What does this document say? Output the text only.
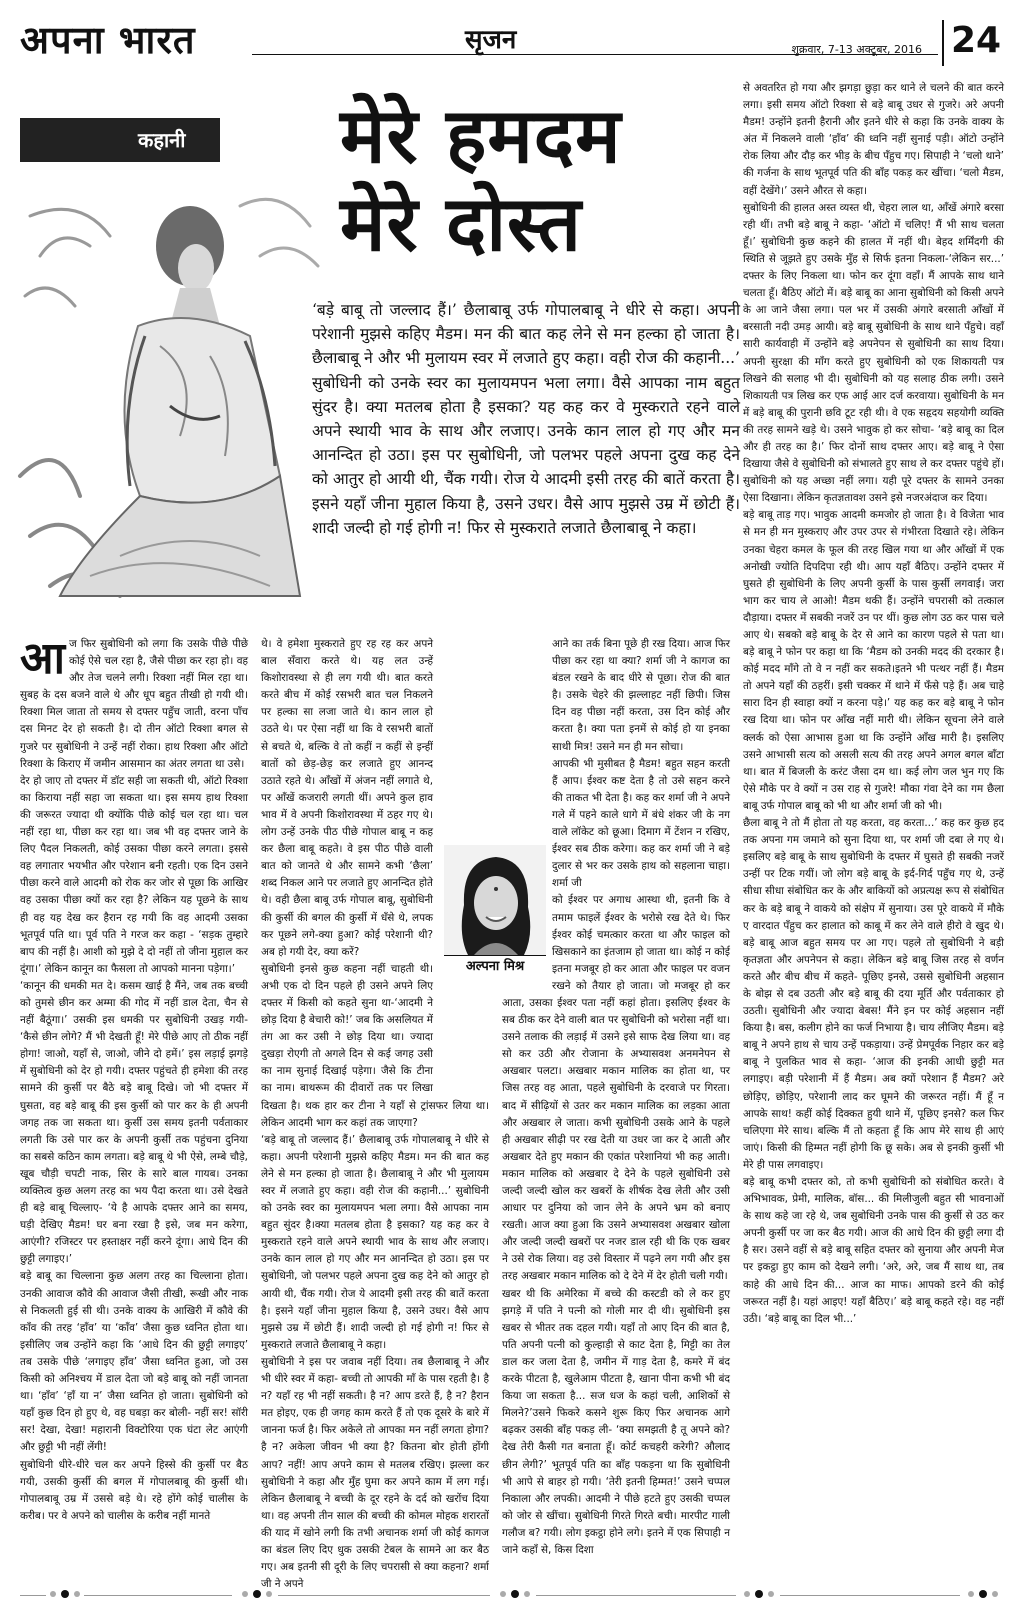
अपना भारत	सृजन	शुक्रवार, 7-13 अक्टूबर, 2016 24
कहानी	मेरे हमदम
मेरे दोस्त

‘बड़े बाबू तो जल्लाद हैं।’ छैलाबाबू उर्फ गोपालबाबू ने धीरे से कहा। अपनी परेशानी मुझसे कहिए मैडम। मन की बात कह लेने से मन हल्का हो जाता है। छैलाबाबू ने और भी मुलायम स्वर में लजाते हुए कहा। वही रोज की कहानी...’ सुबोधिनी को उनके स्वर का मुलायमपन भला लगा। वैसे आपका नाम बहुत सुंदर है। क्या मतलब होता है इसका? यह कह कर वे मुस्कराते रहने वाले अपने स्थायी भाव के साथ और लजाए। उनके कान लाल हो गए और मन आनन्दित हो उठा। इस पर सुबोधिनी, जो पलभर पहले अपना दुख कह देने को आतुर हो आयी थी, चैंक गयी। रोज ये आदमी इसी तरह की बातें करता है। इसने यहाँ जीना मुहाल किया है, उसने उधर। वैसे आप मुझसे उम्र में छोटी हैं। शादी जल्दी हो गई होगी न! फिर से मुस्कराते लजाते छैलाबाबू ने कहा।

आ ज फिर सुबोधिनी को लगा कि उसके पीछे पीछे कोई ऐसे चल रहा है, जैसे पीछा कर रहा हो। वह और तेज चलने लगी। रिक्शा नहीं मिल रहा था। सुबह के दस बजने वाले थे और धूप बहुत तीखी हो गयी थी। रिक्शा मिल जाता तो समय से दफ्तर पहुँच जाती, वरना पाँच दस मिनट देर हो सकती है। दो तीन ऑटो रिक्शा बगल से गुजरे पर सुबोधिनी ने उन्हें नहीं रोका। हाथ रिक्शा और ऑटो रिक्शा के किराए में जमीन आसमान का अंतर लगता था उसे।

देर हो जाए तो दफ्तर में डॉट सही जा सकती थी, ऑटो रिक्शा का किराया नहीं सहा जा सकता था। इस समय हाथ रिक्शा की जरूरत ज्यादा थी क्योंकि पीछे कोई चल रहा था। चल नहीं रहा था, पीछा कर रहा था। जब भी वह दफ्तर जाने के लिए पैदल निकलती, कोई उसका पीछा करने लगता। इससे वह लगातार भयभीत और परेशान बनी रहती। एक दिन उसने पीछा करने वाले आदमी को रोक कर जोर से पूछा कि आखिर वह उसका पीछा क्यों कर रहा है? लेकिन यह पूछने के साथ ही वह यह देख कर हैरान रह गयी कि वह आदमी उसका भूतपूर्व पति था। पूर्व पति ने गरज कर कहा - ‘सड़क तुम्हारे बाप की नहीं है। आशी को मुझे दे दो नहीं तो जीना मुहाल कर दूंगा।’ लेकिन कानून का फैसला तो आपको मानना पड़ेगा।’

‘कानून की धमकी मत दे। कसम खाई है मैंने, जब तक बच्ची को तुमसे छीन कर अम्मा की गोद में नहीं डाल देता, चैन से नहीं बैठूंगा।’ उसकी इस धमकी पर सुबोधिनी उखड़ गयी- ‘कैसे छीन लोगे? मैं भी देखती हूँ! मेरे पीछे आए तो ठीक नहीं होगा! जाओ, यहाँ से, जाओ, जीने दो हमें।’ इस लड़ाई झगड़े में सुबोधिनी को देर हो गयी। दफ्तर पहुंचते ही हमेशा की तरह सामने की कुर्सी पर बैठे बड़े बाबू दिखे। जो भी दफ्तर में घुसता, वह बड़े बाबू की इस कुर्सी को पार कर के ही अपनी जगह तक जा सकता था। कुर्सी उस समय इतनी पर्वताकार लगती कि उसे पार कर के अपनी कुर्सी तक पहुंचना दुनिया का सबसे कठिन काम लगता। बड़े बाबू थे भी ऐसे, लम्बे चौड़े, खूब चौड़ी चपटी नाक, सिर के सारे बाल गायब। उनका व्यक्तित्व कुछ अलग तरह का भय पैदा करता था। उसे देखते ही बड़े बाबू चिल्लाए- ‘ये है आपके दफ्तर आने का समय, घड़ी देखिए मैडम! घर बना रखा है इसे, जब मन करेगा, आएंगी? रजिस्टर पर हस्ताक्षर नहीं करने दूंगा। आधे दिन की छुट्टी लगाइए।’

बड़े बाबू का चिल्लाना कुछ अलग तरह का चिल्लाना होता। उनकी आवाज कौवे की आवाज जैसी तीखी, रूखी और नाक से निकलती हुई सी थी। उनके वाक्य के आखिरी में कौवे की काँव की तरह ‘हाँव’ या ‘काँव’ जैसा कुछ ध्वनित होता था। इसीलिए जब उन्होंने कहा कि ‘आधे दिन की छुट्टी लगाइए’ तब उसके पीछे ‘लगाइए हाँव’ जैसा ध्वनित हुआ, जो उस किसी को अनिश्चय में डाल देता जो बड़े बाबू को नहीं जानता था। ‘हाँव’ ‘हाँ या न’ जैसा ध्वनित हो जाता। सुबोधिनी को यहाँ कुछ दिन हो हुए थे, वह घबड़ा कर बोली- नहीं सर! सॉरी सर! देखा, देखा! महारानी विक्टोरिया एक घंटा लेट आएंगी और छुट्टी भी नहीं लेंगी!

सुबोधिनी धीरे-धीरे चल कर अपने हिस्से की कुर्सी पर बैठ गयी, उसकी कुर्सी की बगल में गोपालबाबू की कुर्सी थी। गोपालबाबू उम्र में उससे बड़े थे। रहे होंगे कोई चालीस के करीब। पर वे अपने को चालीस के करीब नहीं मानते

थे। वे हमेशा मुस्कराते हुए रह रह कर अपने बाल सँवारा करते थे। यह लत उन्हें किशोरावस्था से ही लग गयी थी। बात करते करते बीच में कोई रसभरी बात चल निकलने पर हल्का सा लजा जाते थे। कान लाल हो उठते थे। पर ऐसा नहीं था कि वे रसभरी बातों से बचते थे, बल्कि वे तो कहीं न कहीं से इन्हीं बातों को छेड़-छेड़ कर लजाते हुए आनन्द उठाते रहते थे। आँखों में अंजन नहीं लगाते थे, पर आँखें कजरारी लगती थीं। अपने कुल हाव भाव में वे अपनी किशोरावस्था में ठहर गए थे। लोग उन्हें उनके पीठ पीछे गोपाल बाबू न कह कर छैला बाबू कहते। वे इस पीठ पीछे वाली बात को जानते थे और सामने कभी ‘छैला’ शब्द निकल आने पर लजाते हुए आनन्दित होते थे। वही छैला बाबू उर्फ गोपाल बाबू, सुबोधिनी की कुर्सी की बगल की कुर्सी में धँसे थे, लपक कर पूछने लगे-क्या हुआ? कोई परेशानी थी? अब हो गयी देर, क्या करें?

सुबोधिनी इनसे कुछ कहना नहीं चाहती थी। अभी एक दो दिन पहले ही उसने अपने लिए दफ्तर में किसी को कहते सुना था-‘आदमी ने छोड़ दिया है बेचारी को!’ जब कि असलियत में तंग आ कर उसी ने छोड़ दिया था। ज्यादा दुखड़ा रोएगी तो अगले दिन से कई जगह उसी का नाम सुनाई दिखाई पड़ेगा। जैसे कि टीना का नाम। बाथरूम की दीवारों तक पर लिखा दिखता है। थक हार कर टीना ने यहाँ से ट्रांसफर लिया था। लेकिन आदमी भाग कर कहां तक जाएगा?

‘बड़े बाबू तो जल्लाद हैं।’ छैलाबाबू उर्फ गोपालबाबू ने धीरे से कहा। अपनी परेशानी मुझसे कहिए मैडम। मन की बात कह लेने से मन हल्का हो जाता है। छैलाबाबू ने और भी मुलायम स्वर में लजाते हुए कहा। वही रोज की कहानी...’ सुबोधिनी को उनके स्वर का मुलायमपन भला लगा। वैसे आपका नाम बहुत सुंदर है।क्या मतलब होता है इसका? यह कह कर वे मुस्कराते रहने वाले अपने स्थायी भाव के साथ और लजाए। उनके कान लाल हो गए और मन आनन्दित हो उठा। इस पर सुबोधिनी, जो पलभर पहले अपना दुख कह देने को आतुर हो आयी थी, चैंक गयी। रोज ये आदमी इसी तरह की बातें करता है। इसने यहाँ जीना मुहाल किया है, उसने उधर। वैसे आप मुझसे उम्र में छोटी हैं। शादी जल्दी हो गई होगी न! फिर से मुस्कराते लजाते छैलाबाबू ने कहा।

सुबोधिनी ने इस पर जवाब नहीं दिया। तब छैलाबाबू ने और भी धीरे स्वर में कहा- बच्ची तो आपकी माँ के पास रहती है। है न? यहाँ रह भी नहीं सकती। है न? आप डरते हैं, है न? हैरान मत होइए, एक ही जगह काम करते हैं तो एक दूसरे के बारे में जानना फर्ज है। फिर अकेले तो आपका मन नहीं लगता होगा? है न? अकेला जीवन भी क्या है? कितना बोर होती होंगी आप? नहीं! आप अपने काम से मतलब रखिए। झल्ला कर सुबोधिनी ने कहा और मुँह घुमा कर अपने काम में लग गई। लेकिन छैलाबाबू ने बच्ची के दूर रहने के दर्द को खरोंच दिया था। वह अपनी तीन साल की बच्ची की कोमल मोहक शरारतों की याद में खोने लगी कि तभी अचानक शर्मा जी कोई कागज का बंडल लिए दिए धुक उसकी टेबल के सामने आ कर बैठ गए। अब इतनी सी दूरी के लिए चपरासी से क्या कहना? शर्मा जी ने अपने

आने का तर्क बिना पूछे ही रख दिया। आज फिर पीछा कर रहा था क्या? शर्मा जी ने कागज का बंडल रखने के बाद धीरे से पूछा। रोज की बात है। उसके चेहरे की झल्लाहट नहीं छिपी। जिस दिन वह पीछा नहीं करता, उस दिन कोई और करता है। क्या पता इनमें से कोई हो या इनका साथी मित्र! उसने मन ही मन सोचा।

आपकी भी मुसीबत है मैडम! बहुत सहन करती हैं आप। ईश्वर कष्ट देता है तो उसे सहन करने की ताकत भी देता है। कह कर शर्मा जी ने अपने गले में पहने काले धागे में बंधे शंकर जी के नग वाले लॉकेट को छूआ। दिमाग में टेंशन न रखिए, ईश्वर सब ठीक करेगा। कह कर शर्मा जी ने बड़े दुलार से भर कर उसके हाथ को सहलाना चाहा। शर्मा जी

को ईश्वर पर अगाध आस्था थी, इतनी कि वे तमाम फाइलें ईश्वर के भरोसे रख देते थे। फिर ईश्वर कोई चमत्कार करता था और फाइल को खिसकाने का इंतजाम हो जाता था। कोई न कोई इतना मजबूर हो कर आता और फाइल पर वजन रखने को तैयार हो जाता। जो मजबूर हो कर आता, उसका ईश्वर पता नहीं कहां होता। इसलिए ईश्वर के सब ठीक कर देने वाली बात पर सुबोधिनी को भरोसा नहीं था। उसने तलाक की लड़ाई में उसने इसे साफ देख लिया था। वह सो कर उठी और रोजाना के अभ्यासवश अनमनेपन से अखबार पलटा। अखबार मकान मालिक का होता था, पर जिस तरह वह आता, पहले सुबोधिनी के दरवाजे पर गिरता। बाद में सीढ़ियों से उतर कर मकान मालिक का लड़का आता और अखबार ले जाता। कभी सुबोधिनी उसके आने के पहले ही अखबार सीढ़ी पर रख देती या उधर जा कर दे आती और अखबार देते हुए मकान की एकांत परेशानियां भी कह आती। मकान मालिक को अखबार दे देने के पहले सुबोधिनी उसे जल्दी जल्दी खोल कर खबरों के शीर्षक देख लेती और उसी आधार पर दुनिया को जान लेने के अपने भ्रम को बनाए रखती। आज क्या हुआ कि उसने अभ्यासवश अखबार खोला और जल्दी जल्दी खबरों पर नजर डाल रही थी कि एक खबर ने उसे रोक लिया। वह उसे विस्तार में पढ़ने लग गयी और इस तरह अखबार मकान मालिक को दे देने में देर होती चली गयी।

खबर थी कि अमेरिका में बच्चे की कस्टडी को ले कर हुए झगड़े में पति ने पत्नी को गोली मार दी थी। सुबोधिनी इस खबर से भीतर तक दहल गयी। यहाँ तो आए दिन की बात है, पति अपनी पत्नी को कुल्हाड़ी से काट देता है, मिट्टी का तेल डाल कर जला देता है, जमीन में गाड़ देता है, कमरे में बंद करके पीटता है, खुलेआम पीटता है, खाना पीना कभी भी बंद किया जा सकता है... सज धज के कहां चली, आशिकों से मिलने?’उसने फिकरे कसने शुरू किए फिर अचानक आगे बढ़कर उसकी बाँह पकड़ ली- ‘क्या समझती है तू अपने को? देख तेरी कैसी गत बनाता हूँ। कोर्ट कचहरी करेगी? औलाद छीन लेगी?’ भूतपूर्व पति का बाँह पकड़ना था कि सुबोधिनी भी आपे से बाहर हो गयी। ‘तेरी इतनी हिम्मत!’ उसने चप्पल निकाला और लपकी। आदमी ने पीछे हटते हुए उसकी चप्पल को जोर से खींचा। सुबोधिनी गिरते गिरते बची। मारपीट गाली गलौज ब? गयी। लोग इकट्ठा होने लगे। इतने में एक सिपाही न जाने कहाँ से, किस दिशा

से अवतरित हो गया और झगड़ा छुड़ा कर थाने ले चलने की बात करने लगा। इसी समय ऑटो रिक्शा से बड़े बाबू उधर से गुजरे। अरे अपनी मैडम! उन्होंने इतनी हैरानी और इतने धीरे से कहा कि उनके वाक्य के अंत में निकलने वाली ‘हाँव’ की ध्वनि नहीं सुनाई पड़ी। ऑटो उन्होंने रोक लिया और दौड़ कर भीड़ के बीच पँहुच गए। सिपाही ने ‘चलो थाने’ की गर्जना के साथ भूतपूर्व पति की बाँह पकड़ कर खींचा। ‘चलो मैडम, वहीं देखेंगे।’ उसने औरत से कहा।

सुबोधिनी की हालत अस्त व्यस्त थी, चेहरा लाल था, आँखें अंगारे बरसा रही थीं। तभी बड़े बाबू ने कहा- ‘ऑटो में चलिए! मैं भी साथ चलता हूँ।’ सुबोधिनी कुछ कहने की हालत में नहीं थी। बेहद शर्मिंदगी की स्थिति से जूझते हुए उसके मुँह से सिर्फ इतना निकला-‘लेकिन सर...’ दफ्तर के लिए निकला था। फोन कर दूंगा वहाँ। मैं आपके साथ थाने चलता हूँ। बैठिए ऑटो में। बड़े बाबू का आना सुबोधिनी को किसी अपने के आ जाने जैसा लगा। पल भर में उसकी अंगारे बरसाती आँखों में बरसाती नदी उमड़ आयी। बड़े बाबू सुबोधिनी के साथ थाने पँहुचे। वहाँ सारी कार्यवाही में उन्होंने बड़े अपनेपन से सुबोधिनी का साथ दिया। अपनी सुरक्षा की माँग करते हुए सुबोधिनी को एक शिकायती पत्र लिखने की सलाह भी दी। सुबोधिनी को यह सलाह ठीक लगी। उसने शिकायती पत्र लिख कर एफ आई आर दर्ज करवाया। सुबोधिनी के मन में बड़े बाबू की पुरानी छवि टूट रही थी। वे एक सहृदय सहयोगी व्यक्ति की तरह सामने खड़े थे। उसने भावुक हो कर सोचा- ‘बड़े बाबू का दिल और ही तरह का है।’ फिर दोनों साथ दफ्तर आए। बड़े बाबू ने ऐसा दिखाया जैसे वे सुबोधिनी को संभालते हुए साथ ले कर दफ्तर पहुंचे हों। सुबोधिनी को यह अच्छा नहीं लगा। यही पूरे दफ्तर के सामने उनका ऐसा दिखाना। लेकिन कृतज्ञतावश उसने इसे नजरअंदाज कर दिया।

बड़े बाबू ताड़ गए। भावुक आदमी कमजोर हो जाता है। वे विजेता भाव से मन ही मन मुस्कराए और उपर उपर से गंभीरता दिखाते रहे। लेकिन उनका चेहरा कमल के फूल की तरह खिल गया था और आँखों में एक अनोखी ज्योति दिपदिपा रही थी। आप यहाँ बैठिए। उन्होंने दफ्तर में घुसते ही सुबोधिनी के लिए अपनी कुर्सी के पास कुर्सी लगवाई। जरा भाग कर चाय ले आओ! मैडम थकी हैं। उन्होंने चपरासी को तत्काल दौड़ाया। दफ्तर में सबकी नजरें उन पर थीं। कुछ लोग उठ कर पास चले आए थे। सबको बड़े बाबू के देर से आने का कारण पहले से पता था। बड़े बाबू ने फोन पर कहा था कि ‘मैडम को उनकी मदद की दरकार है। कोई मदद माँगे तो वे न नहीं कर सकते।इतने भी पत्थर नहीं हैं। मैडम तो अपने यहाँ की ठहरीं। इसी चक्कर में थाने में फँसे पड़े हैं। अब चाहे सारा दिन ही स्वाहा क्यों न करना पड़े।’ यह कह कर बड़े बाबू ने फोन रख दिया था। फोन पर आँख नहीं मारी थी। लेकिन सूचना लेने वाले क्लर्क को ऐसा आभास हुआ था कि उन्होंने आँख मारी है। इसलिए उसने आभासी सत्य को असली सत्य की तरह अपने अगल बगल बाँटा था। बात में बिजली के करंट जैसा दम था। कई लोग जल भुन गए कि ऐसे मौके पर वे क्यों न उस राह से गुजरे! मौका गंवा देने का गम छैला बाबू उर्फ गोपाल बाबू को भी था और शर्मा जी को भी।

छैला बाबू ने तो मैं होता तो यह करता, वह करता...’ कह कर कुछ हद तक अपना गम जमाने को सुना दिया था, पर शर्मा जी दबा ले गए थे। इसलिए बड़े बाबू के साथ सुबोधिनी के दफ्तर में घुसते ही सबकी नजरें उन्हीं पर टिक गयीं। जो लोग बड़े बाबू के इर्द-गिर्द पहुँच गए थे, उन्हें सीधा सीधा संबोधित कर के और बाकियों को अप्रत्यक्ष रूप से संबोधित कर के बड़े बाबू ने वाकये को संक्षेप में सुनाया। उस पूरे वाकये में मौके ए वारदात पँहुच कर हालात को काबू में कर लेने वाले हीरो वे खुद थे। बड़े बाबू आज बहुत समय पर आ गए। पहले तो सुबोधिनी ने बड़ी कृतज्ञता और अपनेपन से कहा। लेकिन बड़े बाबू जिस तरह से वर्णन करते और बीच बीच में कहते- पूछिए इनसे, उससे सुबोधिनी अहसान के बोझ से दब उठती और बड़े बाबू की दया मूर्ति और पर्वताकार हो उठती। सुबोधिनी और ज्यादा बेबस! मैंने इन पर कोई अहसान नहीं किया है। बस, कलीग होने का फर्ज निभाया है। चाय लीजिए मैडम। बड़े बाबू ने अपने हाथ से चाय उन्हें पकड़ाया। उन्हें प्रेमपूर्वक निहार कर बड़े बाबू ने पुलकित भाव से कहा- ‘आज की इनकी आधी छुट्टी मत लगाइए। बड़ी परेशानी में हैं मैडम। अब क्यों परेशान हैं मैडम? अरे छोड़िए, छोड़िए, परेशानी लाद कर घूमने की जरूरत नहीं। मैं हूँ न आपके साथ! कहीं कोई दिक्कत हुयी थाने में, पूछिए इनसे? कल फिर चलिएगा मेरे साथ। बल्कि मैं तो कहता हूँ कि आप मेरे साथ ही आएं जाएं। किसी की हिम्मत नहीं होगी कि छू सके। अब से इनकी कुर्सी भी मेरे ही पास लगवाइए।

बड़े बाबू कभी दफ्तर को, तो कभी सुबोधिनी को संबोधित करते। वे अभिभावक, प्रेमी, मालिक, बॉस... की मिलीजुली बहुत सी भावनाओं के साथ कहे जा रहे थे, जब सुबोधिनी उनके पास की कुर्सी से उठ कर अपनी कुर्सी पर जा कर बैठ गयी। आज की आधे दिन की छुट्टी लगा दी है सर। उसने वहीं से बड़े बाबू सहित दफ्तर को सुनाया और अपनी मेज पर इकट्ठा हुए काम को देखने लगी। ‘अरे, अरे, जब मैं साथ था, तब काहे की आधे दिन की... आज का माफ। आपको डरने की कोई जरूरत नहीं है। यहां आइए! यहाँ बैठिए।’ बड़े बाबू कहते रहे। वह नहीं उठी। ‘बड़े बाबू का दिल भी...’

अल्पना मिश्र
